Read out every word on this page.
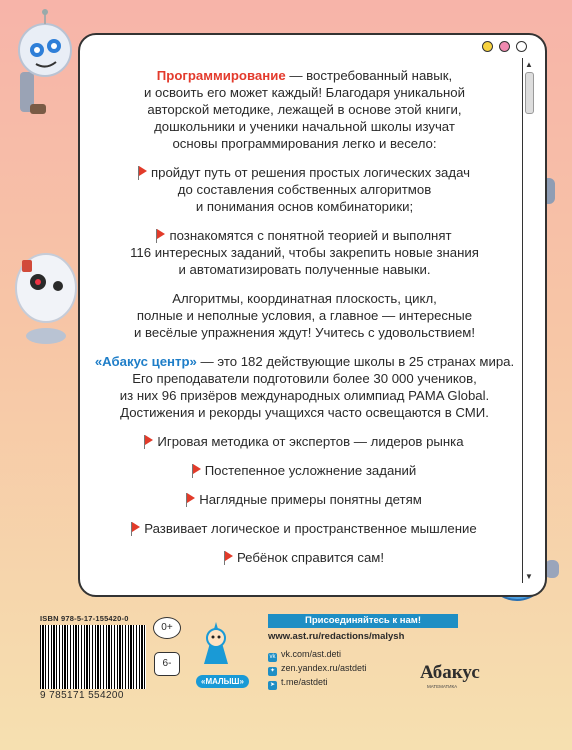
▲
▼

Программирование — востребованный навык,
и освоить его может каждый! Благодаря уникальной
авторской методике, лежащей в основе этой книги,
дошкольники и ученики начальной школы изучат
основы программирования легко и весело:

пройдут путь от решения простых логических задач
до составления собственных алгоритмов
и понимания основ комбинаторики;

познакомятся с понятной теорией и выполнят
116 интересных заданий, чтобы закрепить новые знания
и автоматизировать полученные навыки.

Алгоритмы, координатная плоскость, цикл,
полные и неполные условия, а главное — интересные
и весёлые упражнения ждут! Учитесь с удовольствием!

«Абакус центр» — это 182 действующие школы в 25 странах мира.
Его преподаватели подготовили более 30 000 учеников,
из них 96 призёров международных олимпиад PAMA Global.
Достижения и рекорды учащихся часто освещаются в СМИ.

Игровая методика от экспертов — лидеров рынка

Постепенное усложнение заданий

Наглядные примеры понятны детям

Развивает логическое и пространственное мышление

Ребёнок справится сам!

ISBN 978-5-17-155420-0
9 785171 554200
0+
6-

«МАЛЫШ»
Присоединяйтесь к нам!
www.ast.ru/redactions/malysh
vk vk.com/ast.deti
✦ zen.yandex.ru/astdeti
➤ t.me/astdeti	Абакус
МАТЕМАТИКА
